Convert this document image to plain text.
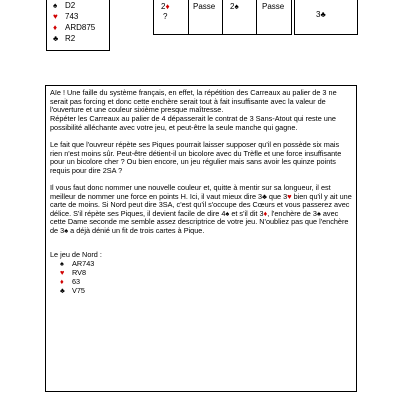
♠ D2
♥ 743
♦ ARD875
♣ R2
2♦
?
Passe 2♠	Passe
3♣
Aïe ! Une faille du système français, en effet, la répétition des Carreaux au palier de 3 ne serait pas forcing et donc cette enchère serait tout à fait insuffisante avec la valeur de l'ouverture et une couleur sixième presque maîtresse.
Répéter les Carreaux au palier de 4 dépasserait le contrat de 3 Sans-Atout qui reste une possibilité alléchante avec votre jeu, et peut-être la seule manche qui gagne.
Le fait que l'ouvreur répète ses Piques pourrait laisser supposer qu'il en possède six mais rien n'est moins sûr. Peut-être détient-il un bicolore avec du Trèfle et une force insuffisante pour un bicolore cher ? Ou bien encore, un jeu régulier mais sans avoir les quinze points requis pour dire 2SA ?
Il vous faut donc nommer une nouvelle couleur et, quitte à mentir sur sa longueur, il est meilleur de nommer une force en points H. Ici, il vaut mieux dire 3♣ que 3♥ bien qu'il y ait une carte de moins. Si Nord peut dire 3SA, c'est qu'il s'occupe des Cœurs et vous passerez avec délice. S'il répète ses Piques, il devient facile de dire 4♠ et s'il dit 3♦, l'enchère de 3♠ avec cette Dame seconde me semble assez descriptrice de votre jeu. N'oubliez pas que l'enchère de 3♠ a déjà dénié un fit de trois cartes à Pique.
Le jeu de Nord :
♠ AR743
♥ RV8
♦ 63
♣ V75
